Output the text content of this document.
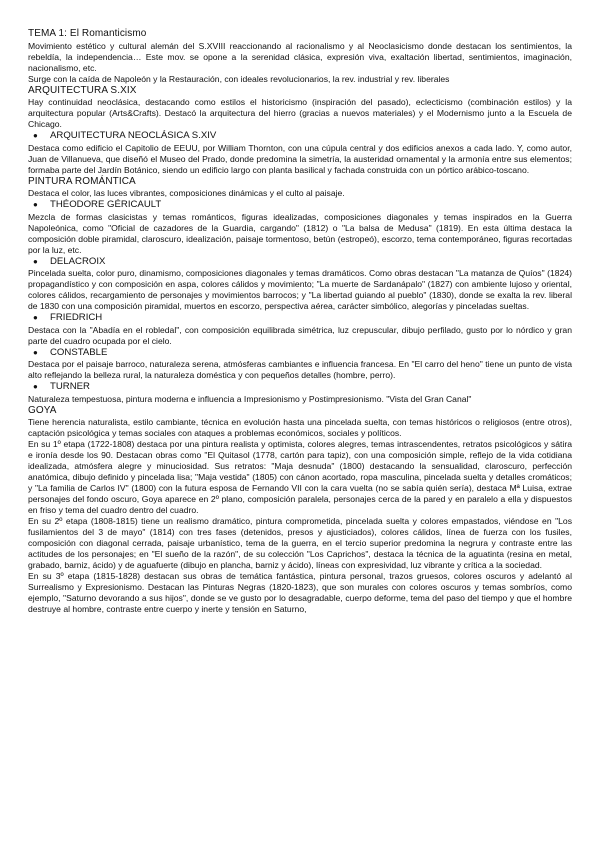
TEMA 1: El Romanticismo

Movimiento estético y cultural alemán del S.XVIII reaccionando al racionalismo y al Neoclasicismo donde destacan los sentimientos, la rebeldía, la independencia… Este mov. se opone a la serenidad clásica, expresión viva, exaltación libertad, sentimientos, imaginación, nacionalismo, etc.

Surge con la caída de Napoleón y la Restauración, con ideales revolucionarios, la rev. industrial y rev. liberales

ARQUITECTURA S.XIX

Hay continuidad neoclásica, destacando como estilos el historicismo (inspiración del pasado), eclecticismo (combinación estilos) y la arquitectura popular (Arts&Crafts). Destacó la arquitectura del hierro (gracias a nuevos materiales) y el Modernismo junto a la Escuela de Chicago.

●	ARQUITECTURA NEOCLÁSICA S.XIV

Destaca como edificio el Capitolio de EEUU, por William Thornton, con una cúpula central y dos edificios anexos a cada lado. Y, como autor, Juan de Villanueva, que diseñó el Museo del Prado, donde predomina la simetría, la austeridad ornamental y la armonía entre sus elementos; formaba parte del Jardín Botánico, siendo un edificio largo con planta basilical y fachada construida con un pórtico arábico-toscano.

PINTURA ROMÁNTICA

Destaca el color, las luces vibrantes, composiciones dinámicas y el culto al paisaje.

●	THÉODORE GÉRICAULT

Mezcla de formas clasicistas y temas románticos, figuras idealizadas, composiciones diagonales y temas inspirados en la Guerra Napoleónica, como "Oficial de cazadores de la Guardia, cargando" (1812) o "La balsa de Medusa" (1819). En esta última destaca la composición doble piramidal, claroscuro, idealización, paisaje tormentoso, betún (estropeó), escorzo, tema contemporáneo, figuras recortadas por la luz, etc.

●	DELACROIX

Pincelada suelta, color puro, dinamismo, composiciones diagonales y temas dramáticos. Como obras destacan "La matanza de Quíos" (1824) propagandístico y con composición en aspa, colores cálidos y movimiento; "La muerte de Sardanápalo" (1827) con ambiente lujoso y oriental, colores cálidos, recargamiento de personajes y movimientos barrocos; y "La libertad guiando al pueblo" (1830), donde se exalta la rev. liberal de 1830 con una composición piramidal, muertos en escorzo, perspectiva aérea, carácter simbólico, alegorías y pinceladas sueltas.

●	FRIEDRICH

Destaca con la "Abadía en el robledal", con composición equilibrada simétrica, luz crepuscular, dibujo perfilado, gusto por lo nórdico y gran parte del cuadro ocupada por el cielo.

●	CONSTABLE

Destaca por el paisaje barroco, naturaleza serena, atmósferas cambiantes e influencia francesa. En "El carro del heno" tiene un punto de vista alto reflejando la belleza rural, la naturaleza doméstica y con pequeños detalles (hombre, perro).

●	TURNER

Naturaleza tempestuosa, pintura moderna e influencia a Impresionismo y Postimpresionismo. "Vista del Gran Canal"

GOYA

Tiene herencia naturalista, estilo cambiante, técnica en evolución hasta una pincelada suelta, con temas históricos o religiosos (entre otros), captación psicológica y temas sociales con ataques a problemas económicos, sociales y políticos.

En su 1º etapa (1722-1808) destaca por una pintura realista y optimista, colores alegres, temas intrascendentes, retratos psicológicos y sátira e ironía desde los 90. Destacan obras como "El Quitasol (1778, cartón para tapiz), con una composición simple, reflejo de la vida cotidiana idealizada, atmósfera alegre y minuciosidad. Sus retratos: "Maja desnuda" (1800) destacando la sensualidad, claroscuro, perfección anatómica, dibujo definido y pincelada lisa; "Maja vestida" (1805) con cánon acortado, ropa masculina, pincelada suelta y detalles cromáticos; y "La familia de Carlos IV" (1800) con la futura esposa de Fernando VII con la cara vuelta (no se sabía quién sería), destaca Mª Luisa, extrae personajes del fondo oscuro, Goya aparece en 2º plano, composición paralela, personajes cerca de la pared y en paralelo a ella y dispuestos en friso y tema del cuadro dentro del cuadro.

En su 2º etapa (1808-1815) tiene un realismo dramático, pintura comprometida, pincelada suelta y colores empastados, viéndose en "Los fusilamientos del 3 de mayo" (1814) con tres fases (detenidos, presos y ajusticiados), colores cálidos, línea de fuerza con los fusiles, composición con diagonal cerrada, paisaje urbanístico, tema de la guerra, en el tercio superior predomina la negrura y contraste entre las actitudes de los personajes; en "El sueño de la razón", de su colección "Los Caprichos", destaca la técnica de la aguatinta (resina en metal, grabado, barniz, ácido) y de aguafuerte (dibujo en plancha, barniz y ácido), líneas con expresividad, luz vibrante y crítica a la sociedad.

En su 3º etapa (1815-1828) destacan sus obras de temática fantástica, pintura personal, trazos gruesos, colores oscuros y adelantó al Surrealismo y Expresionismo. Destacan las Pinturas Negras (1820-1823), que son murales con colores oscuros y temas sombríos, como ejemplo, "Saturno devorando a sus hijos", donde se ve gusto por lo desagradable, cuerpo deforme, tema del paso del tiempo y que el hombre destruye al hombre, contraste entre cuerpo y inerte y tensión en Saturno,
